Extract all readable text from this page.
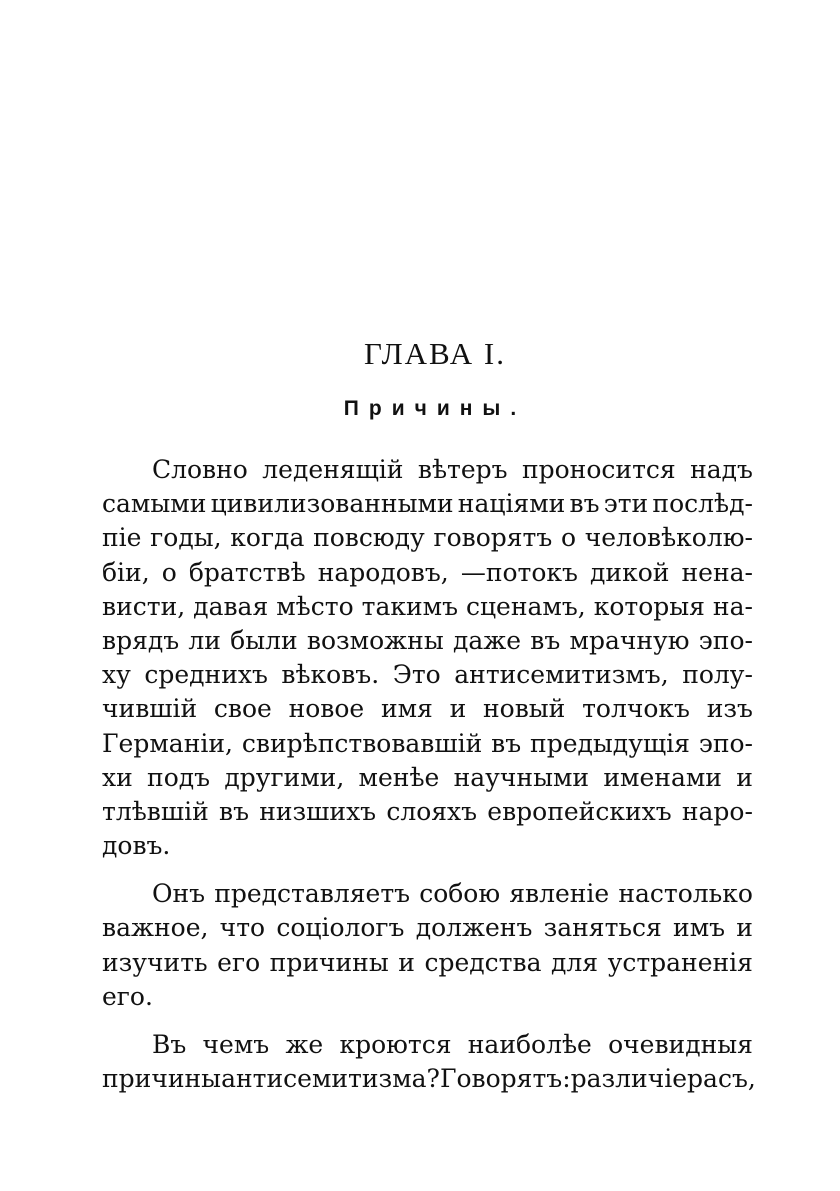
ГЛАВА I.
Причины.
Словно леденящій вѣтеръ проносится надъ
самыми цивилизованными націями въ эти послѣд-
піе годы, когда повсюду говорятъ о человѣколю-
біи, о братствѣ народовъ, —потокъ дикой ненa-
висти, давая мѣсто такимъ сценамъ, которыя на-
врядъ ли были возможны даже въ мрачную эпо-
ху среднихъ вѣковъ. Это антисемитизмъ, полу-
чившій свое новое имя и новый толчокъ изъ
Германіи, свирѣпствовавшій въ предыдущія эпо-
хи подъ другими, менѣе научными именами и
тлѣвшій въ низшихъ слояхъ европейскихъ наро-
довъ.
Онъ представляетъ собою явленіе настолько
важное, что соціологъ долженъ заняться имъ и
изучить его причины и средства для устраненія
его.
Въ чемъ же кроются наиболѣе очевидныя
причины антисемитизма? Говорятъ: различіе расъ,
